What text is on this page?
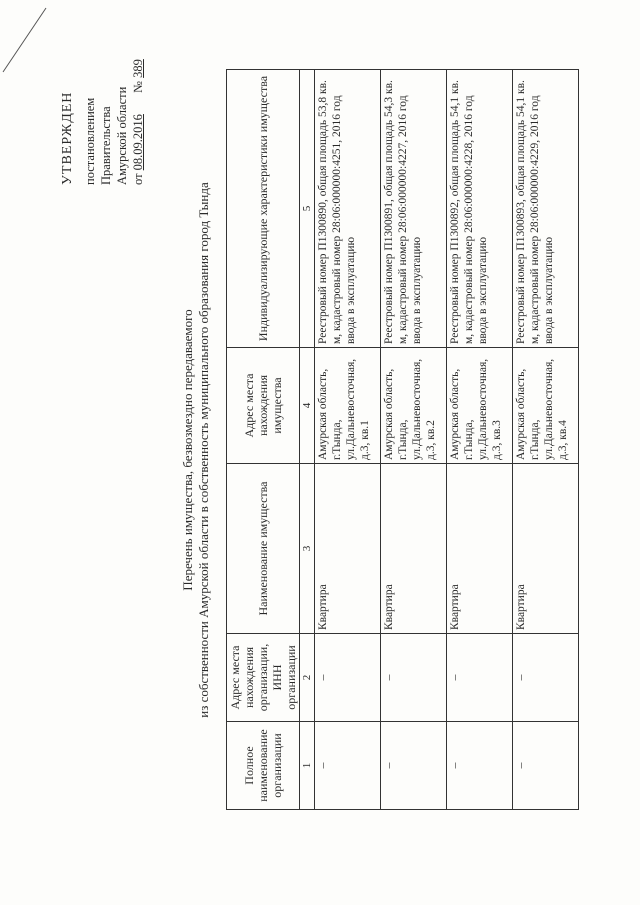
УТВЕРЖДЕН постановлением Правительства Амурской области от 08.09.2016 № 389
Перечень имущества, безвозмездно передаваемого из собственности Амурской области в собственность муниципального образования город Тында
Полное наименование организации	Адрес места нахождения организации, ИНН организации	Наименование имущества	Адрес места нахождения имущества	Индивидуализирующие характеристики имущества
1	2	3	4	5
–	–	Квартира	Амурская область, г.Тында, ул.Дальневосточная, д.3, кв.1	Реестровый номер П1300890, общая площадь 53,8 кв. м, кадастровый номер 28:06:000000:4251, 2016 год ввода в эксплуатацию
–	–	Квартира	Амурская область, г.Тында, ул.Дальневосточная, д.3, кв.2	Реестровый номер П1300891, общая площадь 54,3 кв. м, кадастровый номер 28:06:000000:4227, 2016 год ввода в эксплуатацию
–	–	Квартира	Амурская область, г.Тында, ул.Дальневосточная, д.3, кв.3	Реестровый номер П1300892, общая площадь 54,1 кв. м, кадастровый номер 28:06:000000:4228, 2016 год ввода в эксплуатацию
–	–	Квартира	Амурская область, г.Тында, ул.Дальневосточная, д.3, кв.4	Реестровый номер П1300893, общая площадь 54,1 кв. м, кадастровый номер 28:06:000000:4229, 2016 год ввода в эксплуатацию
